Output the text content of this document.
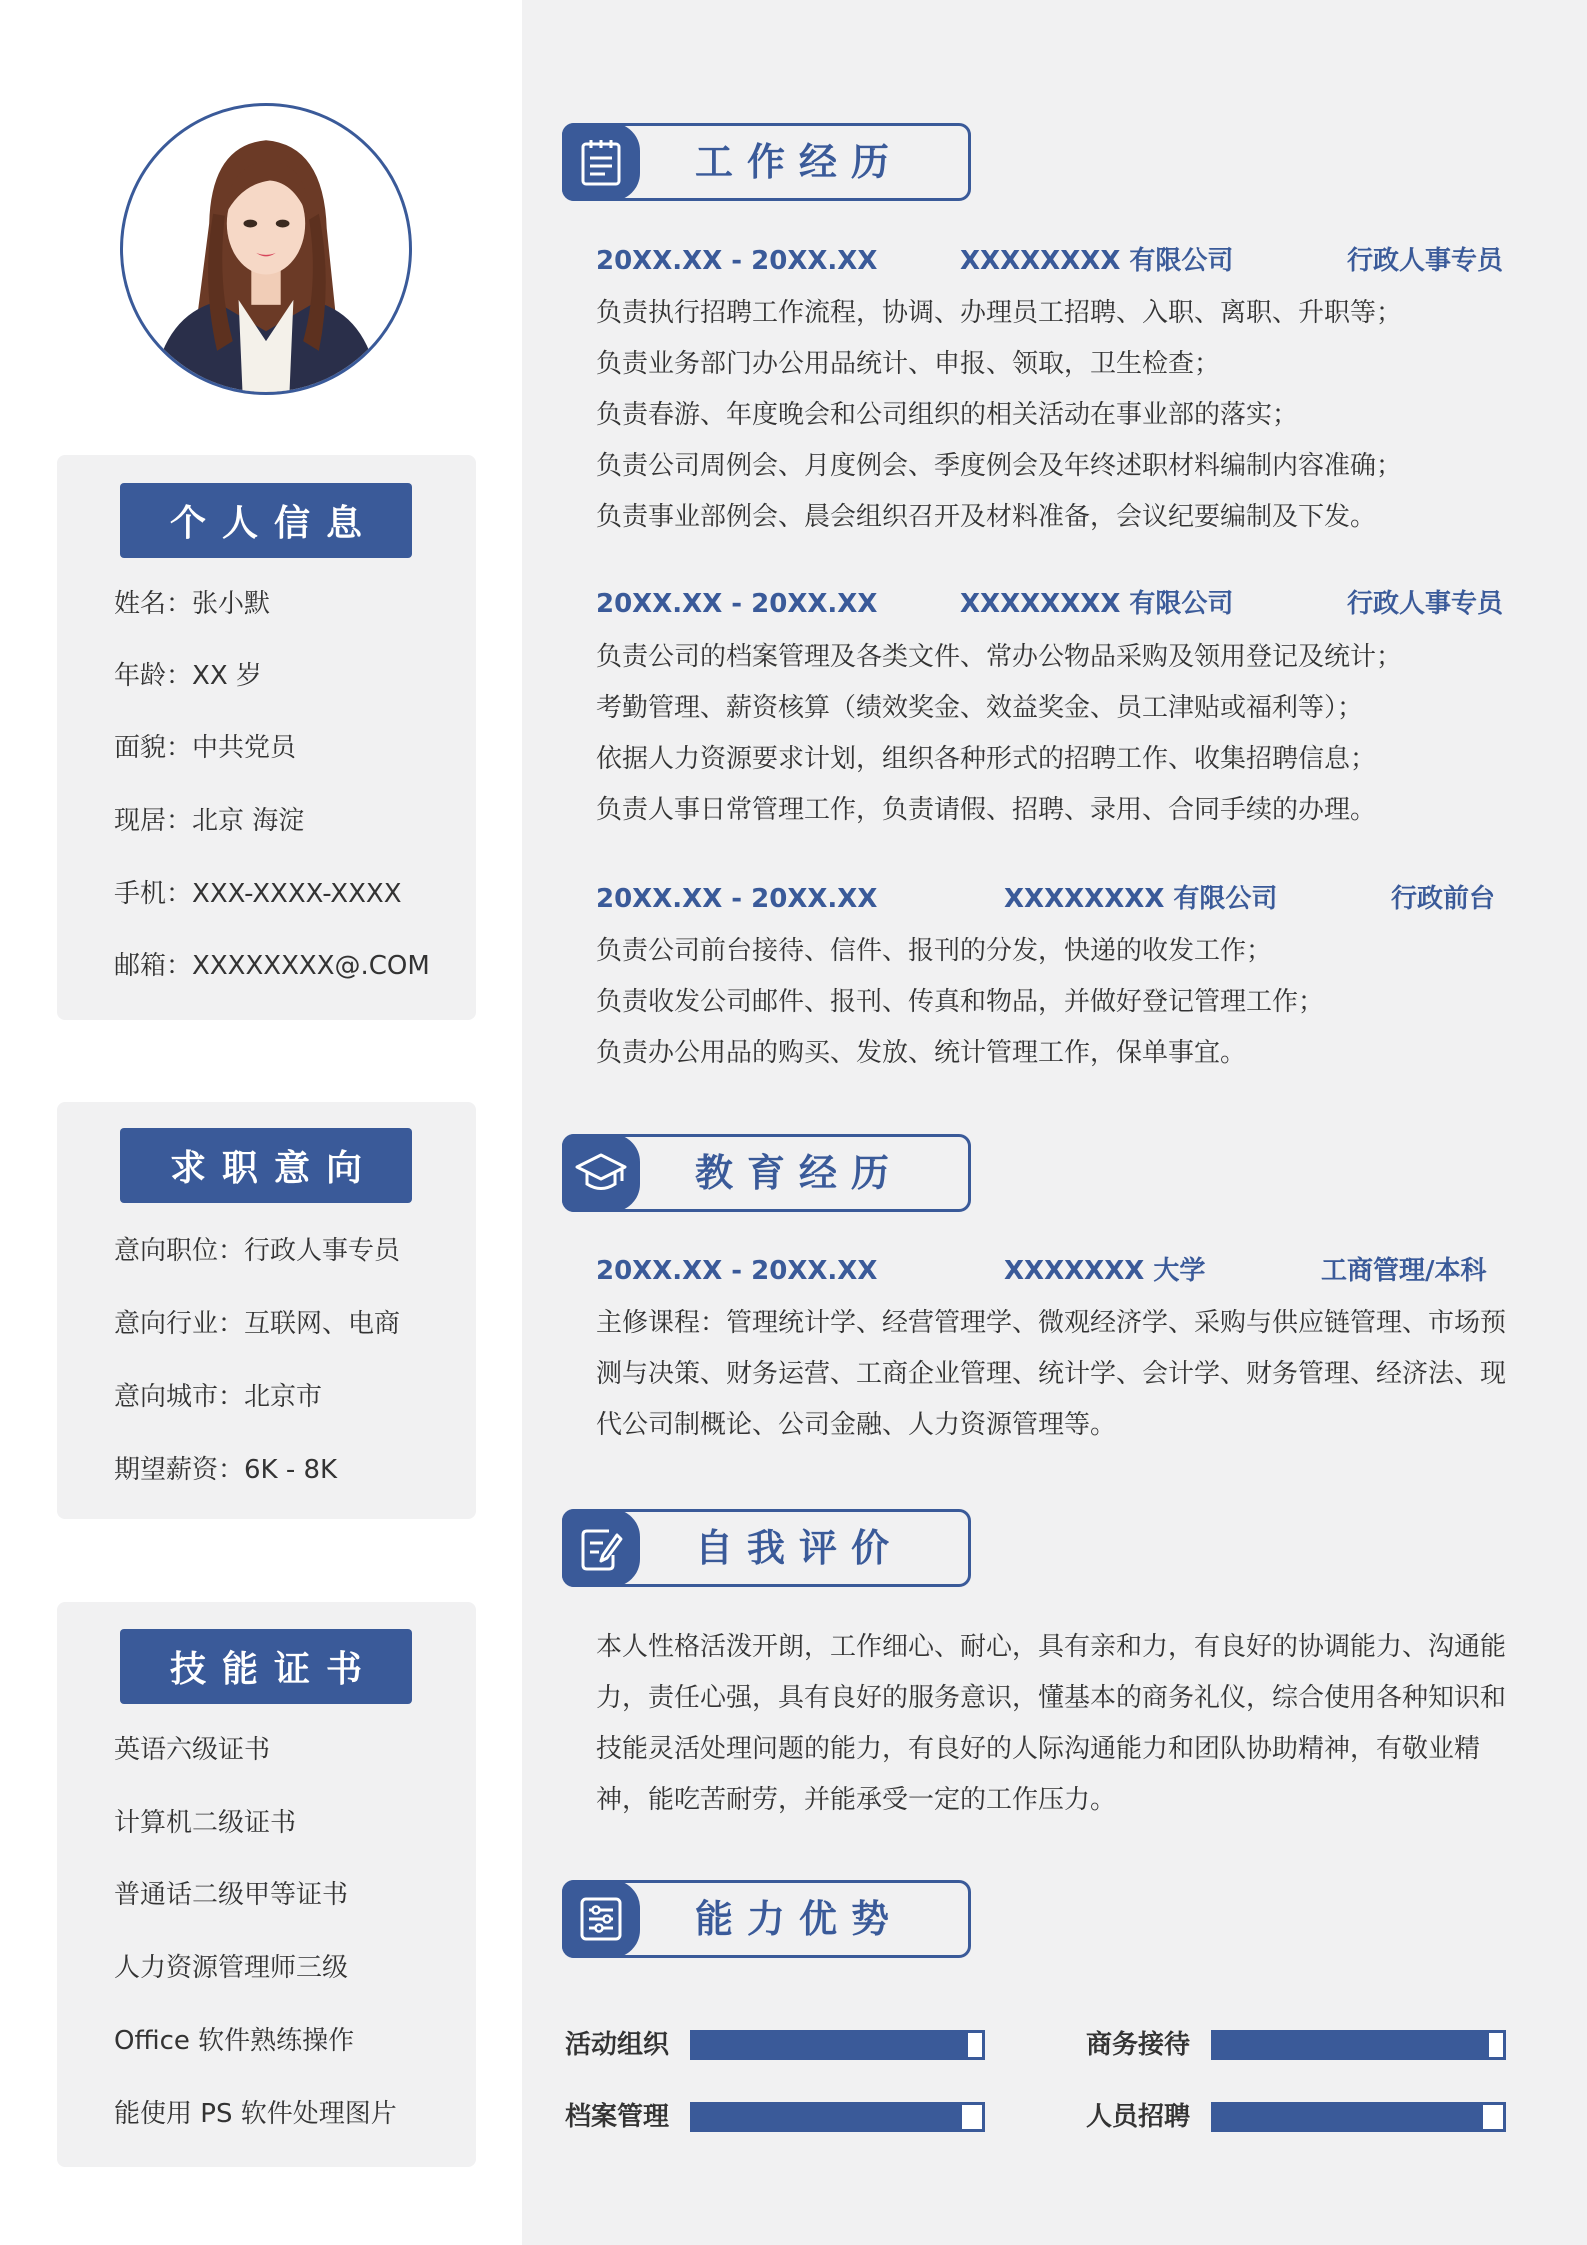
个人信息
姓名：张小默
年龄：XX 岁
面貌：中共党员
现居：北京 海淀
手机：XXX-XXXX-XXXX
邮箱：XXXXXXXX@.COM
求职意向
意向职位：行政人事专员
意向行业：互联网、电商
意向城市：北京市
期望薪资：6K - 8K
技能证书
英语六级证书
计算机二级证书
普通话二级甲等证书
人力资源管理师三级
Office 软件熟练操作
能使用 PS 软件处理图片
工作经历
20XX.XX - 20XX.XX	XXXXXXXX 有限公司	行政人事专员
负责执行招聘工作流程，协调、办理员工招聘、入职、离职、升职等；
负责业务部门办公用品统计、申报、领取，卫生检查；
负责春游、年度晚会和公司组织的相关活动在事业部的落实；
负责公司周例会、月度例会、季度例会及年终述职材料编制内容准确；
负责事业部例会、晨会组织召开及材料准备，会议纪要编制及下发。
20XX.XX - 20XX.XX	XXXXXXXX 有限公司	行政人事专员
负责公司的档案管理及各类文件、常办公物品采购及领用登记及统计；
考勤管理、薪资核算（绩效奖金、效益奖金、员工津贴或福利等）；
依据人力资源要求计划，组织各种形式的招聘工作、收集招聘信息；
负责人事日常管理工作，负责请假、招聘、录用、合同手续的办理。
20XX.XX - 20XX.XX	XXXXXXXX 有限公司	行政前台
负责公司前台接待、信件、报刊的分发，快递的收发工作；
负责收发公司邮件、报刊、传真和物品，并做好登记管理工作；
负责办公用品的购买、发放、统计管理工作，保单事宜。
教育经历
20XX.XX - 20XX.XX	XXXXXXX 大学	工商管理/本科
主修课程：管理统计学、经营管理学、微观经济学、采购与供应链管理、市场预测与决策、财务运营、工商企业管理、统计学、会计学、财务管理、经济法、现代公司制概论、公司金融、人力资源管理等。
自我评价
本人性格活泼开朗，工作细心、耐心，具有亲和力，有良好的协调能力、沟通能力，责任心强，具有良好的服务意识，懂基本的商务礼仪，综合使用各种知识和技能灵活处理问题的能力，有良好的人际沟通能力和团队协助精神，有敬业精神，能吃苦耐劳，并能承受一定的工作压力。
能力优势
活动组织	商务接待
档案管理	人员招聘
